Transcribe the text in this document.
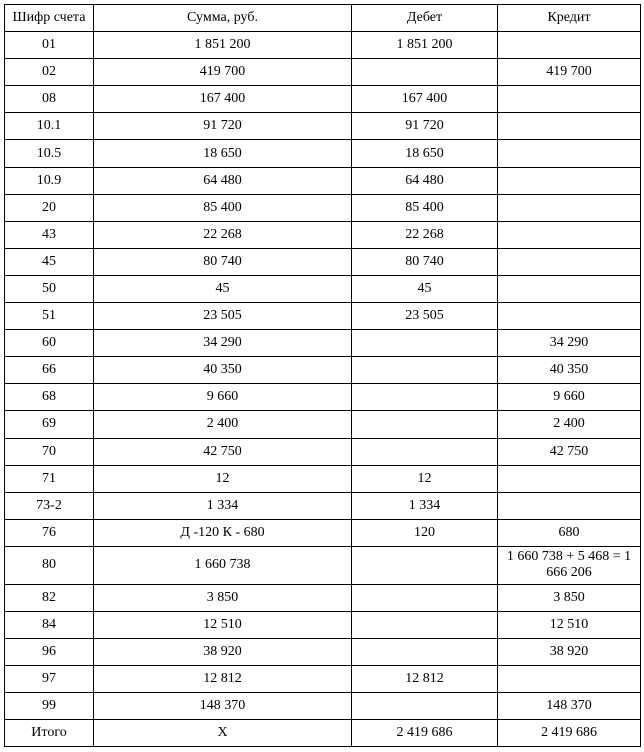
Шифр счета	Сумма, руб.	Дебет	Кредит
01	1 851 200	1 851 200	
02	419 700		419 700
08	167 400	167 400	
10.1	91 720	91 720	
10.5	18 650	18 650	
10.9	64 480	64 480	
20	85 400	85 400	
43	22 268	22 268	
45	80 740	80 740	
50	45	45	
51	23 505	23 505	
60	34 290		34 290
66	40 350		40 350
68	9 660		9 660
69	2 400		2 400
70	42 750		42 750
71	12	12	
73-2	1 334	1 334	
76	Д -120 К - 680	120	680
80	1 660 738		1 660 738 + 5 468 = 1 666 206
82	3 850		3 850
84	12 510		12 510
96	38 920		38 920
97	12 812	12 812	
99	148 370		148 370
Итого	Х	2 419 686	2 419 686
